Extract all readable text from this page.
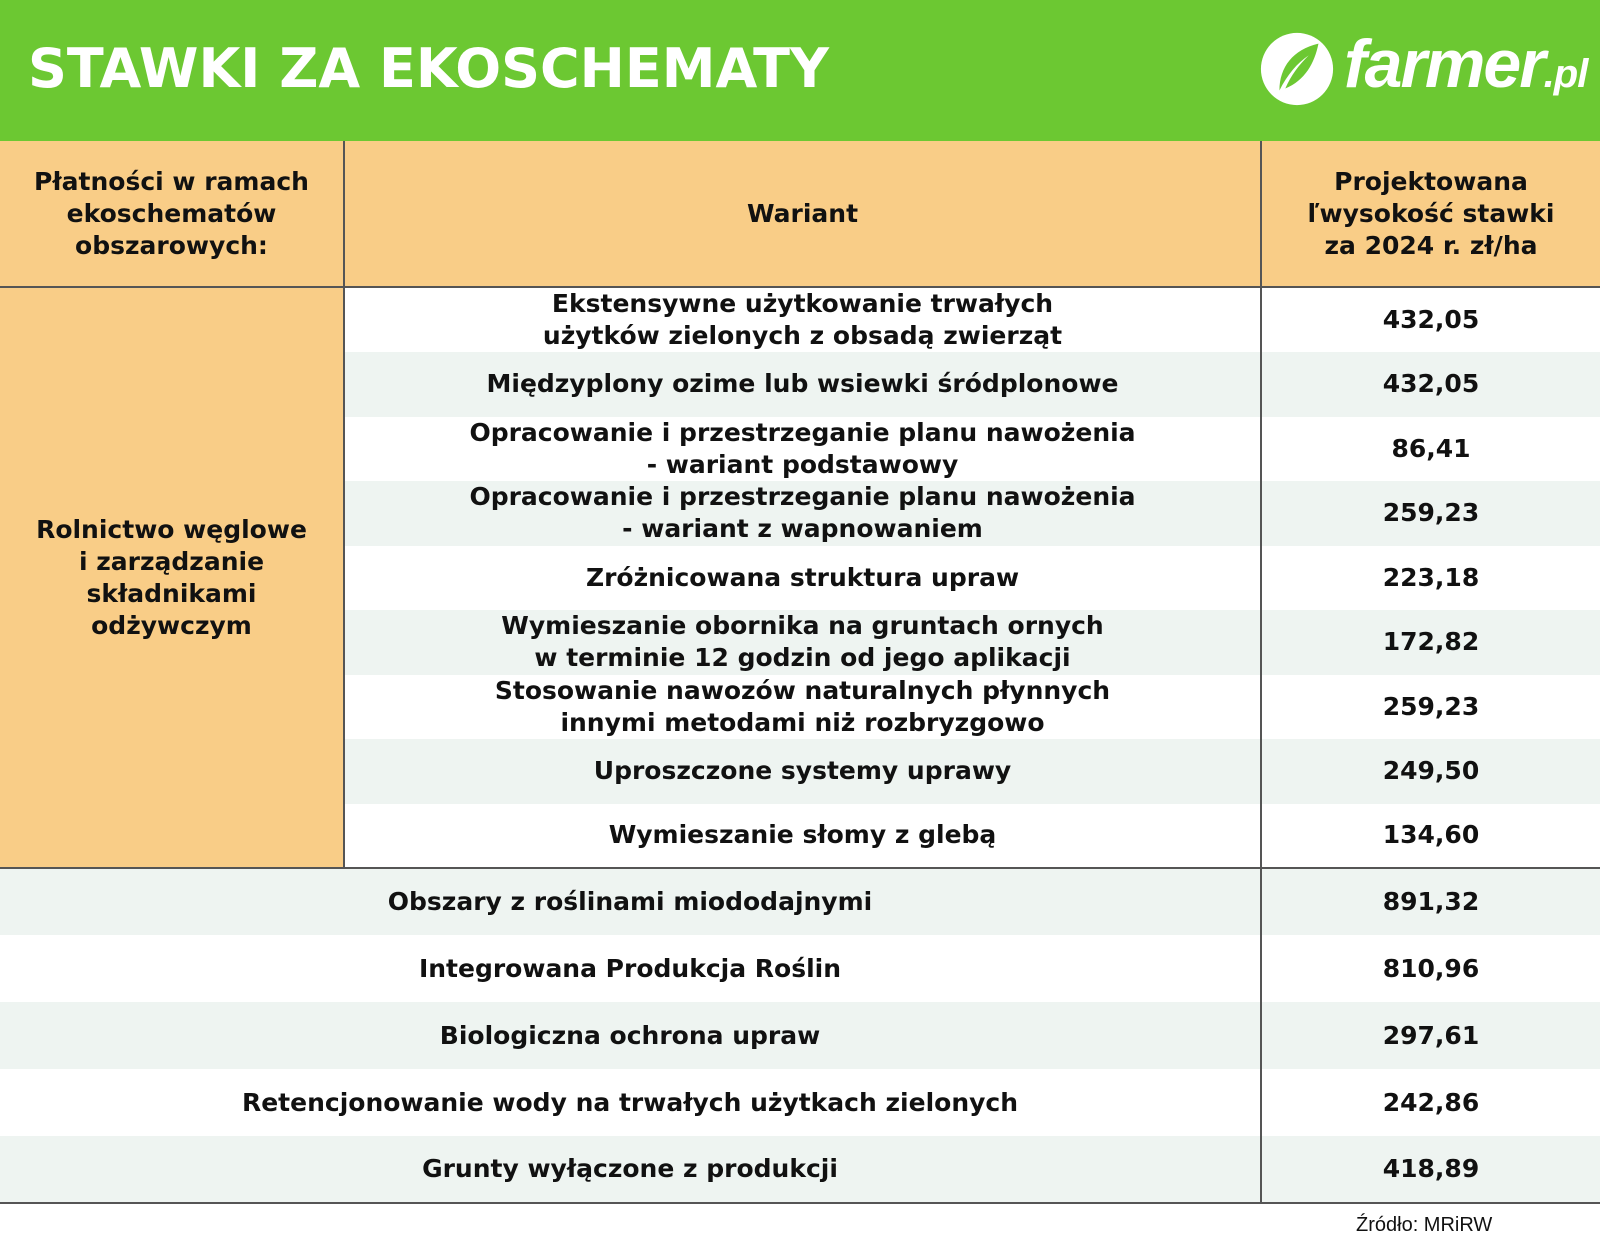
STAWKI ZA EKOSCHEMATY	farmer.pl
Płatności w ramach
ekoschematów
obszarowych:	Wariant	Projektowana
ľwysokość stawki
za 2024 r. zł/ha

Rolnictwo węglowe
i zarządzanie
składnikami
odżywczym	Ekstensywne użytkowanie trwałych
użytków zielonych z obsadą zwierząt	432,05

	Międzyplony ozime lub wsiewki śródplonowe	432,05

	Opracowanie i przestrzeganie planu nawożenia
- wariant podstawowy	86,41

	Opracowanie i przestrzeganie planu nawożenia
- wariant z wapnowaniem	259,23

	Zróżnicowana struktura upraw	223,18

	Wymieszanie obornika na gruntach ornych
w terminie 12 godzin od jego aplikacji	172,82

	Stosowanie nawozów naturalnych płynnych
innymi metodami niż rozbryzgowo	259,23

	Uproszczone systemy uprawy	249,50

	Wymieszanie słomy z glebą	134,60
Obszary z roślinami miododajnymi		891,32
Integrowana Produkcja Roślin		810,96
Biologiczna ochrona upraw		297,61
Retencjonowanie wody na trwałych użytkach zielonych		242,86
Grunty wyłączone z produkcji		418,89
Źródło: MRiRW
